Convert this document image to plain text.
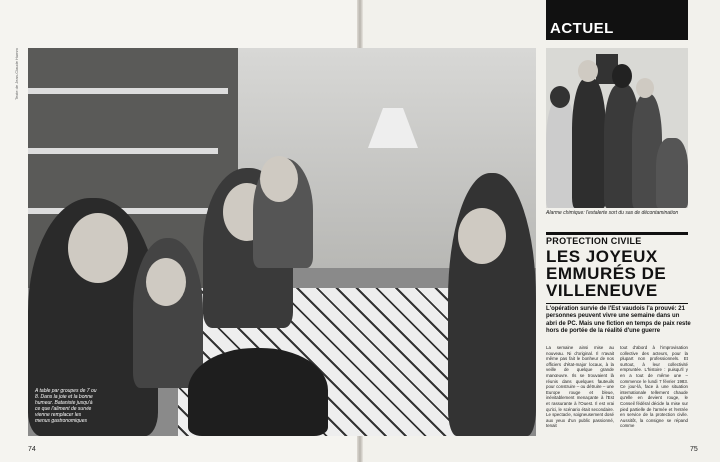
Texte de Jean-Claude Humm
A table par groupes de 7 ou 8. Dans la joie et la bonne humeur. Bataniste jusqu'à ce que l'aliment de survie vienne remplacer les menus gastronomiques
74
ACTUEL
Alarme chimique: l'extalerte sort du sas de décontamination
PROTECTION CIVILE
LES JOYEUX EMMURÉS DE VILLENEUVE
L'opération survie de l'Est vaudois l'a prouvé: 21 personnes peuvent vivre une semaine dans un abri de PC. Mais une fiction en temps de paix reste hors de portée de la réalité d'une guerre
La semaine ainsi mise au nouveau. Ni d'original. Il n'avait même pas fait le bonheur de nos officiers d'état-major locaux, à la veille de quelque grande manœuvre. Ils se trouvaient là réunis dans quelques fauteuils pour construire – ou détruire – une Europe rouge et bleue, inévitablement menaçante à l'Est et rassurante à l'Ouest. Il est vrai qu'ici, le scénario était secondaire. Le spectacle, soigneusement dosé aux yeux d'un public passionné, tenait
tout d'abord à l'improvisation collective des acteurs, pour la plupart non professionnels. Et surtout, à leur collectivité empruntée. L'histoire : puisqu'il y en a tout de même une – commence le lundi 7 février 1983. Ce jour-là, face à une situation internationale tellement chaude qu'elle en devient rouge, le Conseil fédéral décide la mise sur pied partielle de l'armée et l'entrée en service de la protection civile. Aussitôt, la consigne se répand comme
75
